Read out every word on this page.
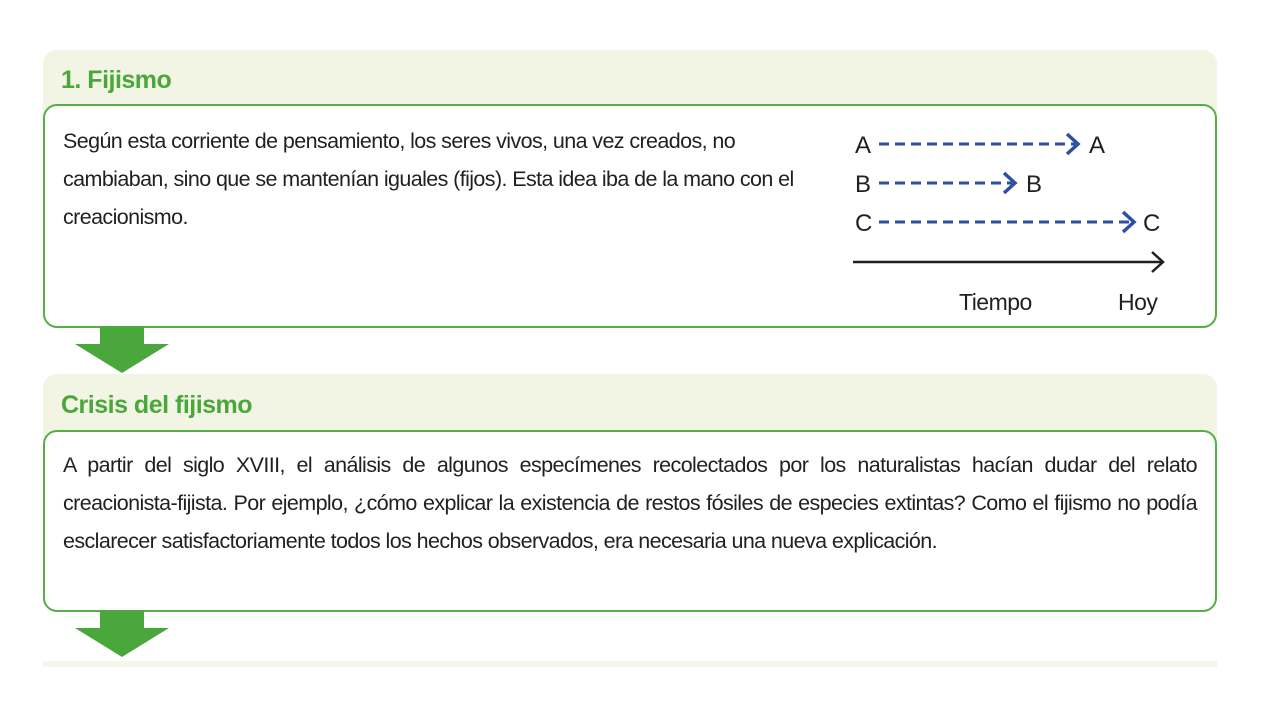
1. Fijismo

Según esta corriente de pensamiento, los seres vivos, una vez creados, no cambiaban, sino que se mantenían iguales (fijos). Esta idea iba de la mano con el creacionismo.

A	A
B	B
C	C
Tiempo	Hoy
Crisis del fijismo

A partir del siglo XVIII, el análisis de algunos especímenes recolectados por los naturalistas hacían dudar del relato creacionista-fijista. Por ejemplo, ¿cómo explicar la existencia de restos fósiles de especies extintas? Como el fijismo no podía esclarecer satisfactoriamente todos los hechos observados, era necesaria una nueva explicación.
